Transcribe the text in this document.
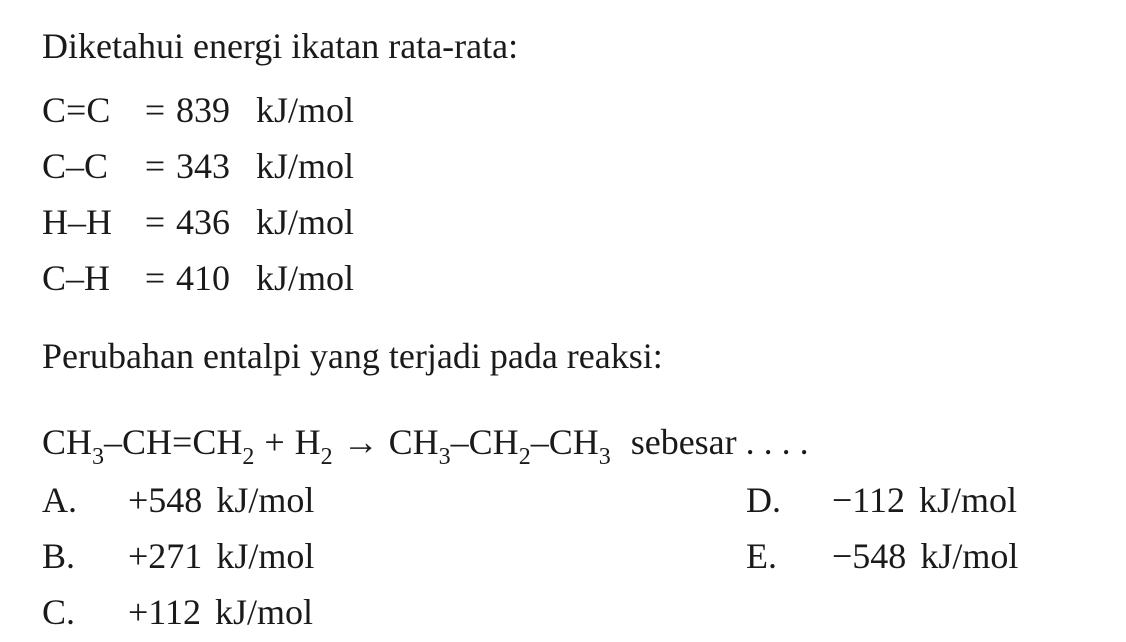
Diketahui energi ikatan rata-rata:
C=C = 839 kJ/mol
C–C = 343 kJ/mol
H–H = 436 kJ/mol
C–H = 410 kJ/mol
Perubahan entalpi yang terjadi pada reaksi:
$CH_3-CH=CH_2 + H_2 \to CH_3-CH_2-CH_3$ sebesar . . . .
A. +548 kJ/mol
B. +271 kJ/mol
C. +112 kJ/mol
D. −112 kJ/mol
E. −548 kJ/mol
